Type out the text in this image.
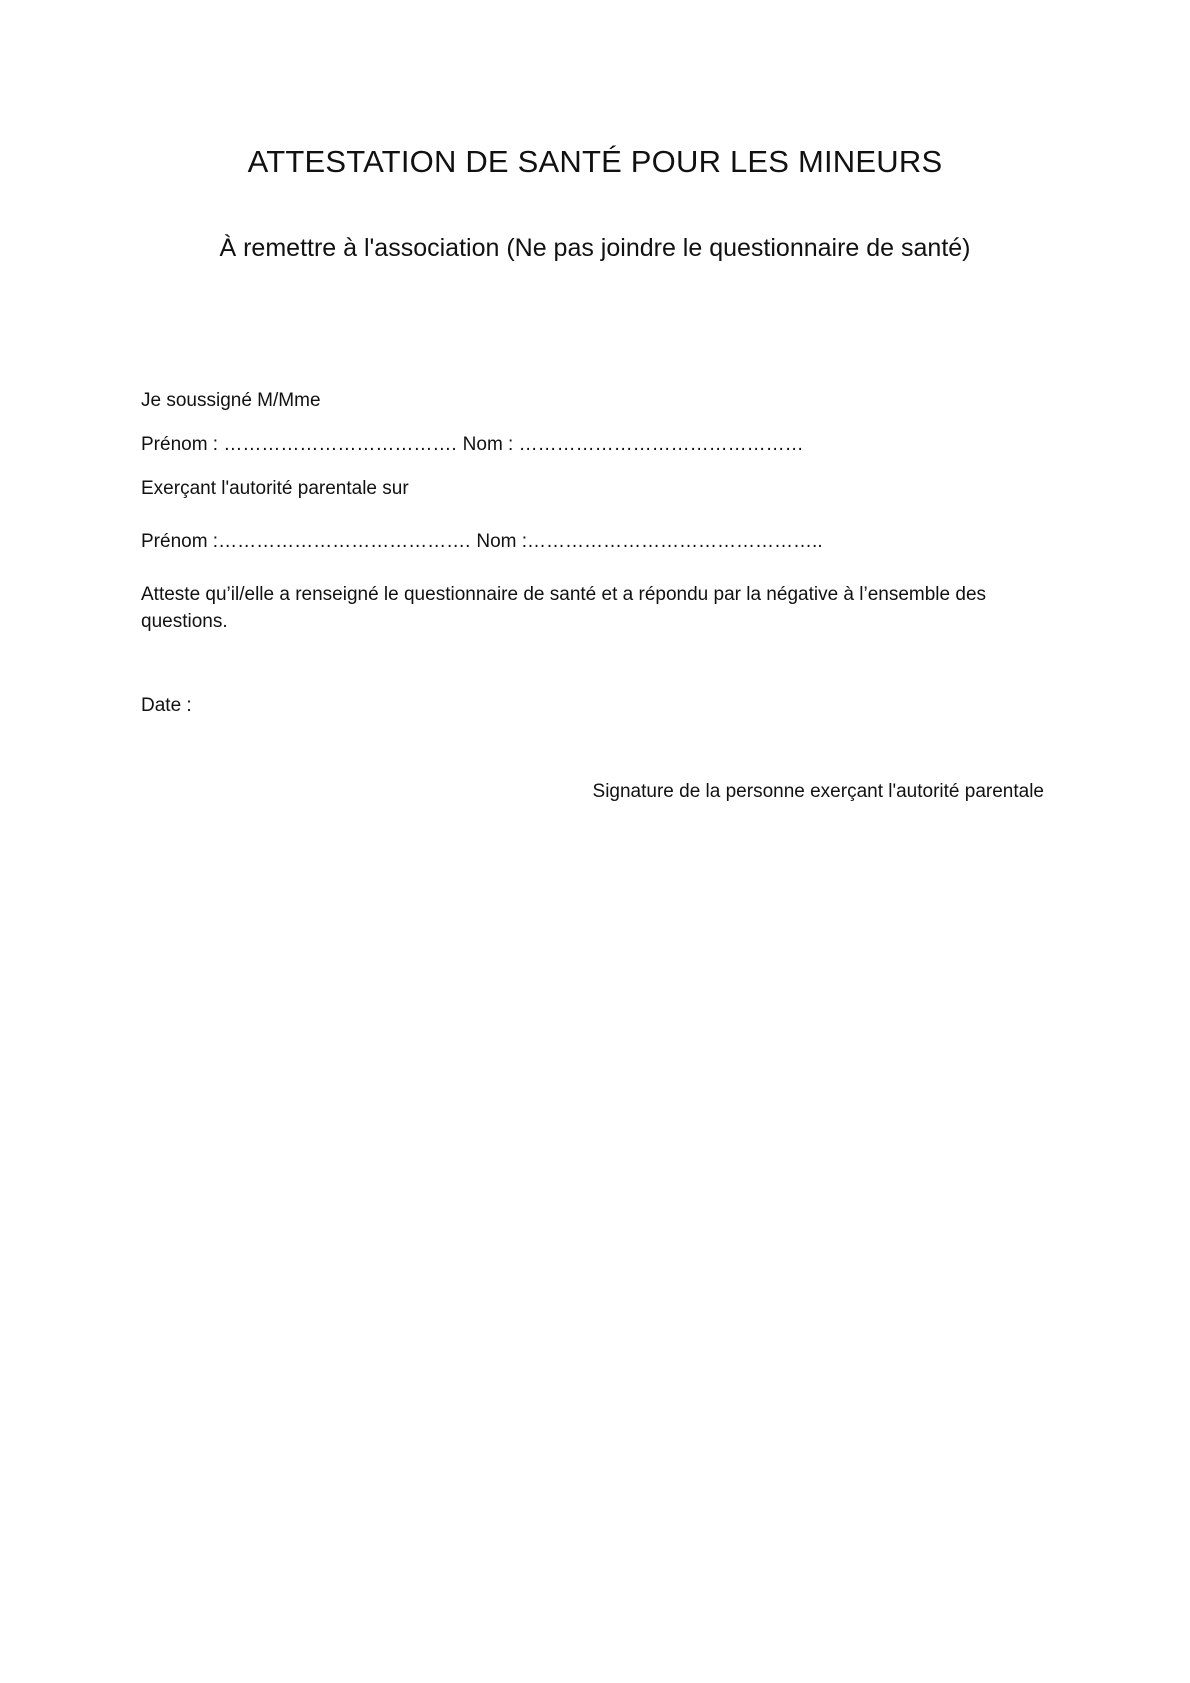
ATTESTATION DE SANTÉ POUR LES MINEURS
À remettre à l'association (Ne pas joindre le questionnaire de santé)
Je soussigné M/Mme
Prénom : ………………………………. Nom : ………………………………………
Exerçant l'autorité parentale sur
Prénom :…………………………………. Nom :………………………………………..
Atteste qu’il/elle a renseigné le questionnaire de santé et a répondu par la négative à l’ensemble des questions.
Date :
Signature de la personne exerçant l'autorité parentale
